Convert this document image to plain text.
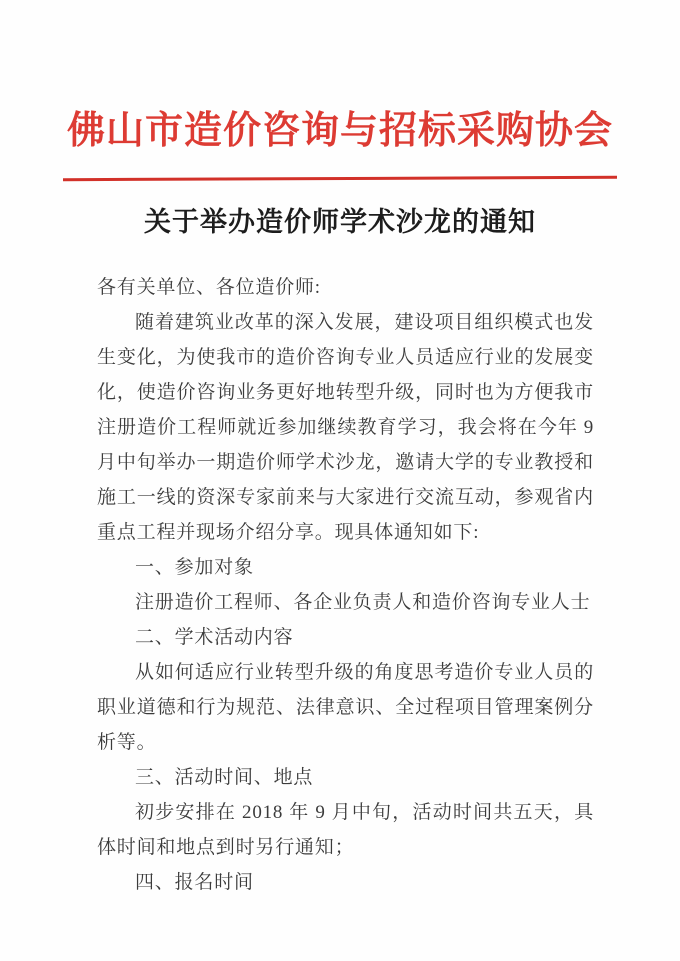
佛山市造价咨询与招标采购协会
关于举办造价师学术沙龙的通知

各有关单位、各位造价师:

随着建筑业改革的深入发展，建设项目组织模式也发生变化，为使我市的造价咨询专业人员适应行业的发展变化，使造价咨询业务更好地转型升级，同时也为方便我市注册造价工程师就近参加继续教育学习，我会将在今年 9 月中旬举办一期造价师学术沙龙，邀请大学的专业教授和施工一线的资深专家前来与大家进行交流互动，参观省内重点工程并现场介绍分享。现具体通知如下:

一、参加对象

注册造价工程师、各企业负责人和造价咨询专业人士

二、学术活动内容

从如何适应行业转型升级的角度思考造价专业人员的职业道德和行为规范、法律意识、全过程项目管理案例分析等。

三、活动时间、地点

初步安排在 2018 年 9 月中旬，活动时间共五天，具体时间和地点到时另行通知；

四、报名时间
